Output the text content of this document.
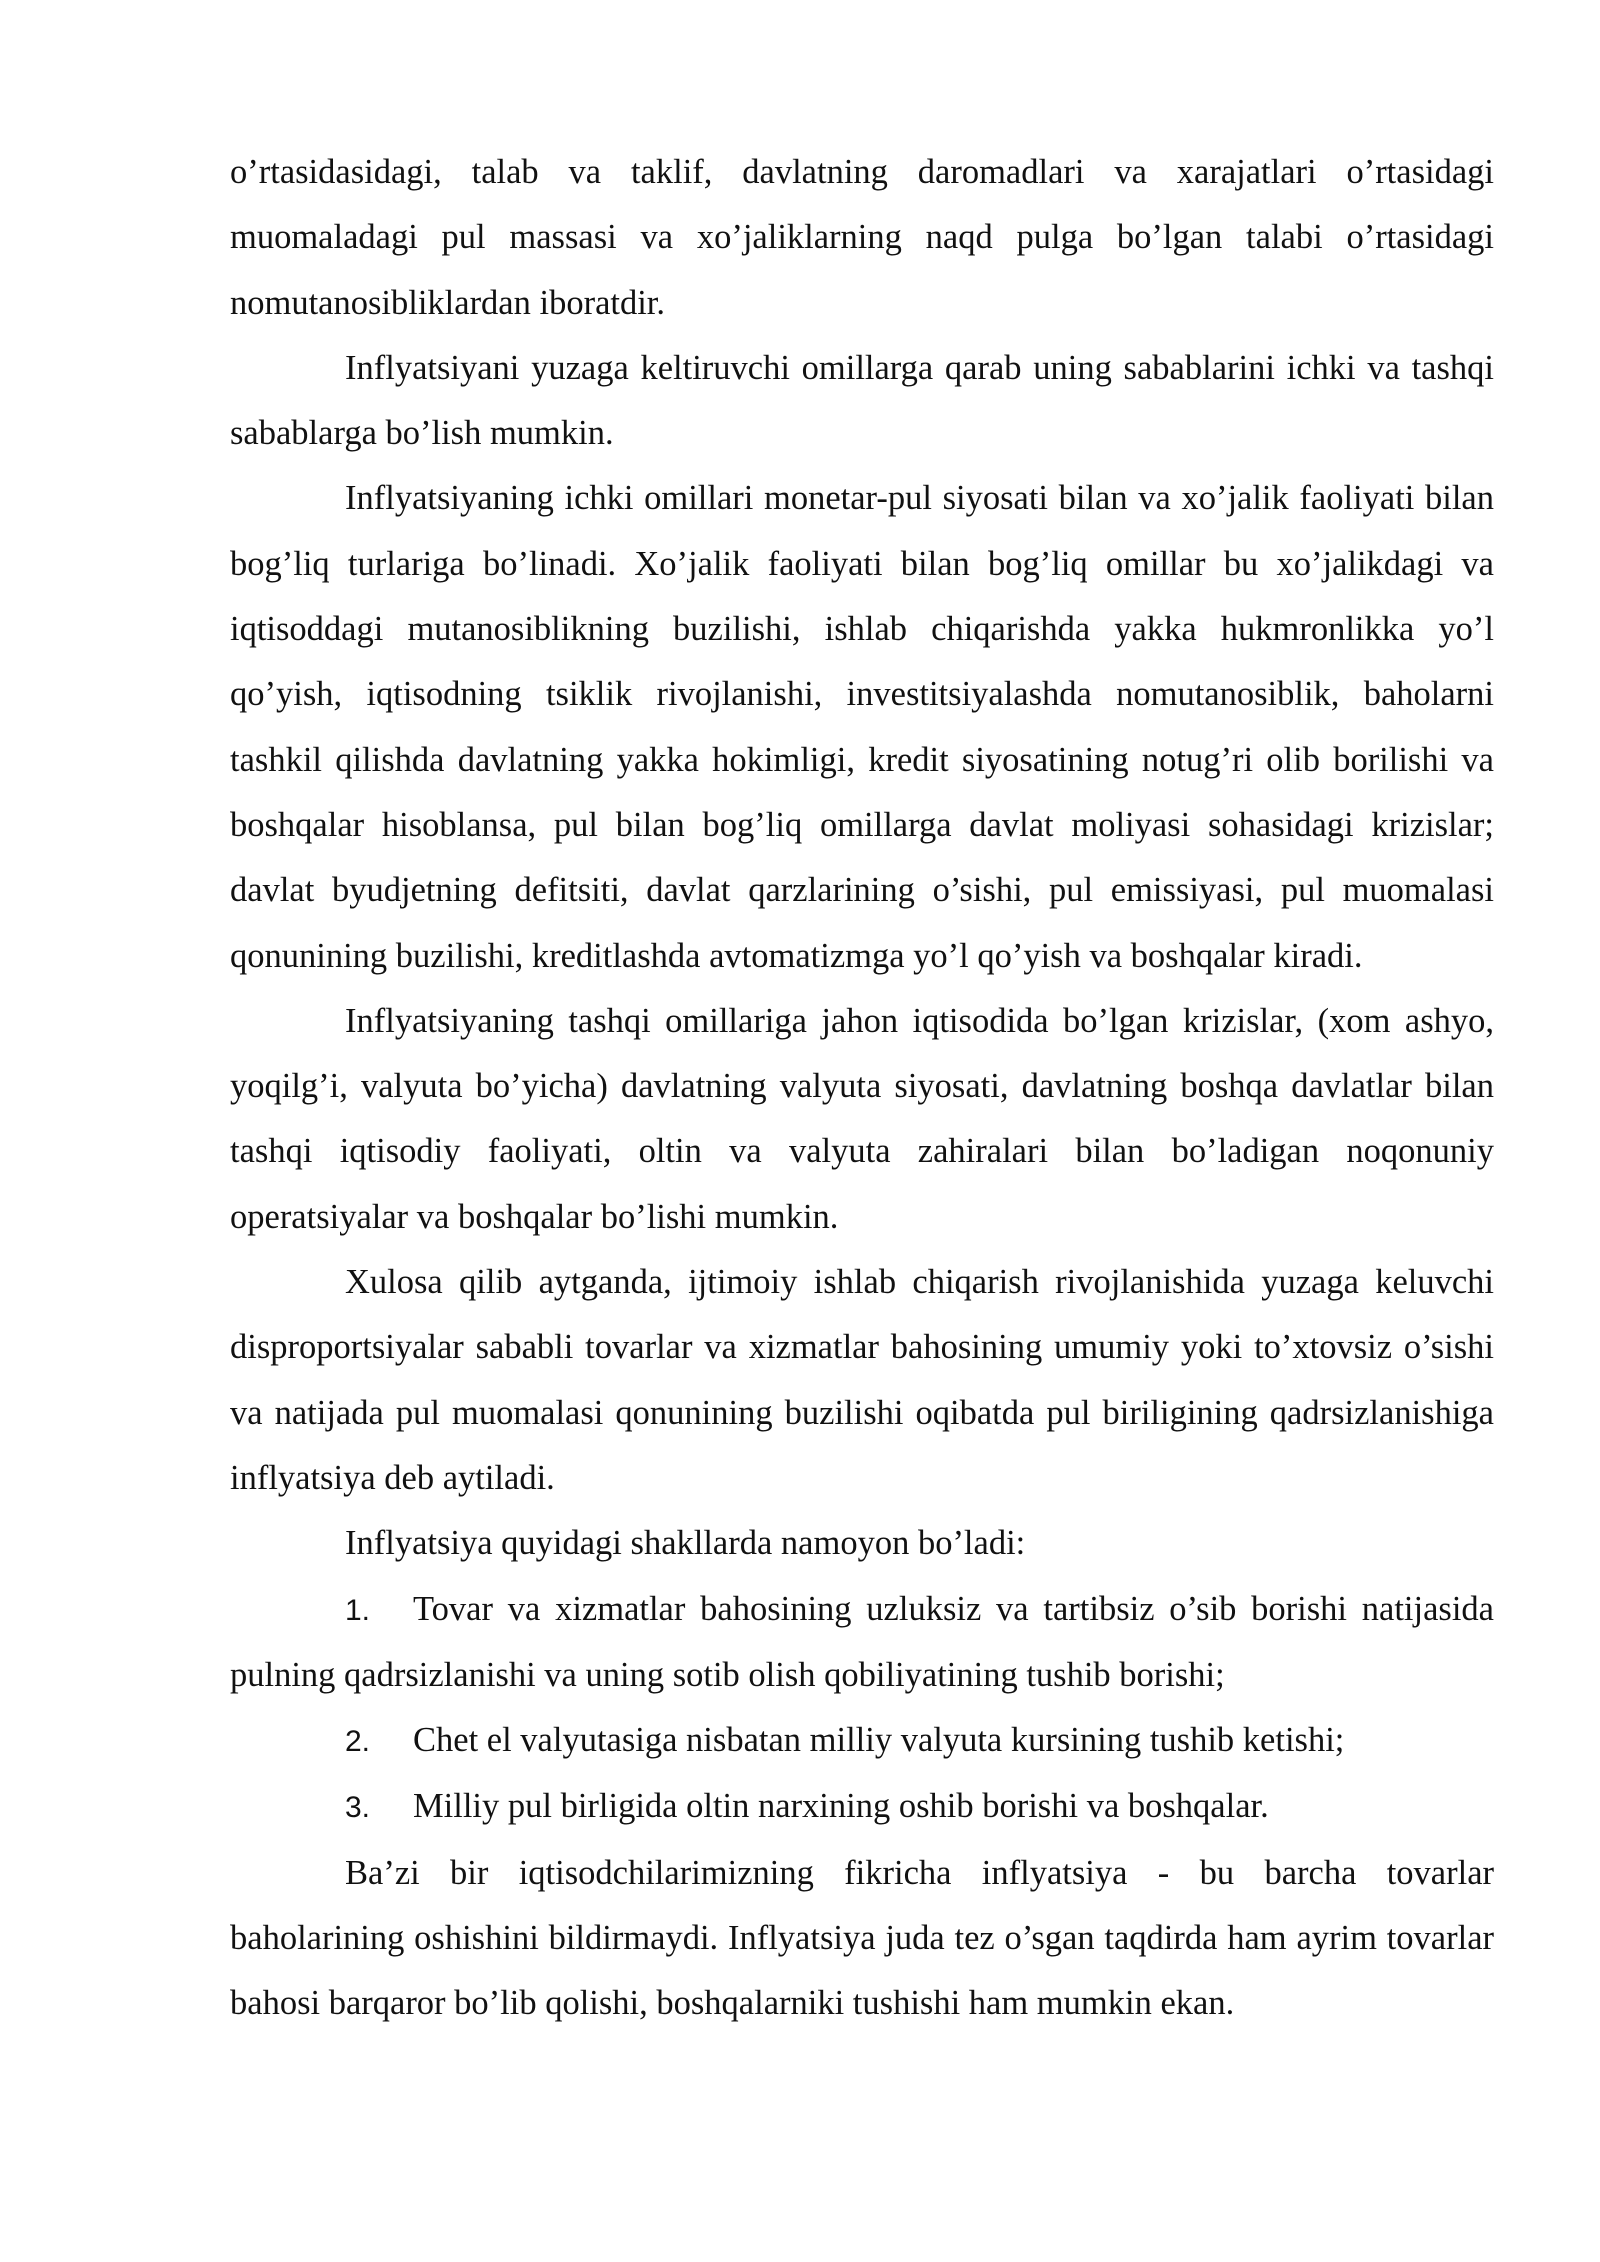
o’rtasidasidagi, talab va taklif, davlatning daromadlari va xarajatlari o’rtasidagi muomaladagi pul massasi va xo’jaliklarning naqd pulga bo’lgan talabi o’rtasidagi nomutanosibliklardan iboratdir.

Inflyatsiyani yuzaga keltiruvchi omillarga qarab uning sabablarini ichki va tashqi sabablarga bo’lish mumkin.

Inflyatsiyaning ichki omillari monetar-pul siyosati bilan va xo’jalik faoliyati bilan bog’liq turlariga bo’linadi. Xo’jalik faoliyati bilan bog’liq omillar bu xo’jalikdagi va iqtisoddagi mutanosiblikning buzilishi, ishlab chiqarishda yakka hukmronlikka yo’l qo’yish, iqtisodning tsiklik rivojlanishi, investitsiyalashda nomutanosiblik, baholarni tashkil qilishda davlatning yakka hokimligi, kredit siyosatining notug’ri olib borilishi va boshqalar hisoblansa, pul bilan bog’liq omillarga davlat moliyasi sohasidagi krizislar; davlat byudjetning defitsiti, davlat qarzlarining o’sishi, pul emissiyasi, pul muomalasi qonunining buzilishi, kreditlashda avtomatizmga yo’l qo’yish va boshqalar kiradi.

Inflyatsiyaning tashqi omillariga jahon iqtisodida bo’lgan krizislar, (xom ashyo, yoqilg’i, valyuta bo’yicha) davlatning valyuta siyosati, davlatning boshqa davlatlar bilan tashqi iqtisodiy faoliyati, oltin va valyuta zahiralari bilan bo’ladigan noqonuniy operatsiyalar va boshqalar bo’lishi mumkin.

Xulosa qilib aytganda, ijtimoiy ishlab chiqarish rivojlanishida yuzaga keluvchi disproportsiyalar sababli tovarlar va xizmatlar bahosining umumiy yoki to’xtovsiz o’sishi va natijada pul muomalasi qonunining buzilishi oqibatda pul biriligining qadrsizlanishiga inflyatsiya deb aytiladi.

Inflyatsiya quyidagi shakllarda namoyon bo’ladi:

1. Tovar va xizmatlar bahosining uzluksiz va tartibsiz o’sib borishi natijasida pulning qadrsizlanishi va uning sotib olish qobiliyatining tushib borishi;

2. Chet el valyutasiga nisbatan milliy valyuta kursining tushib ketishi;

3. Milliy pul birligida oltin narxining oshib borishi va boshqalar.

Ba’zi bir iqtisodchilarimizning fikricha inflyatsiya - bu barcha tovarlar baholarining oshishini bildirmaydi. Inflyatsiya juda tez o’sgan taqdirda ham ayrim tovarlar bahosi barqaror bo’lib qolishi, boshqalarniki tushishi ham mumkin ekan.
